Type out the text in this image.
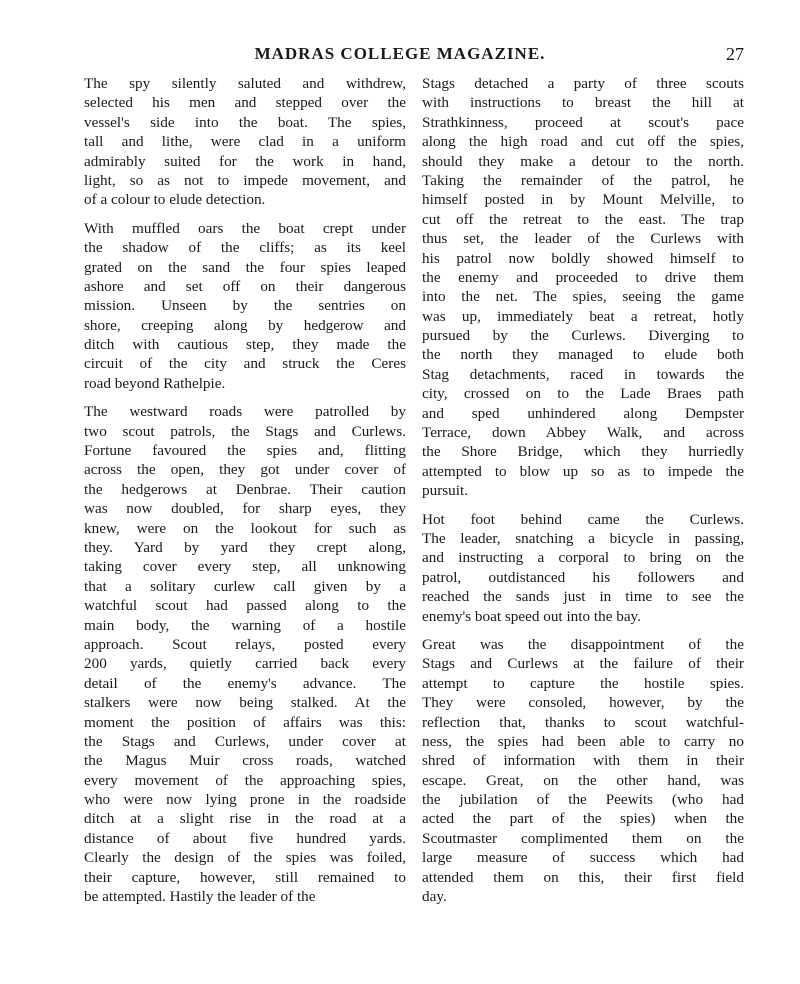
MADRAS COLLEGE MAGAZINE.	27
The spy silently saluted and withdrew,
selected his men and stepped over the
vessel's side into the boat. The spies,
tall and lithe, were clad in a uniform
admirably suited for the work in hand,
light, so as not to impede movement, and
of a colour to elude detection.
With muffled oars the boat crept under
the shadow of the cliffs; as its keel
grated on the sand the four spies leaped
ashore and set off on their dangerous
mission. Unseen by the sentries on
shore, creeping along by hedgerow and
ditch with cautious step, they made the
circuit of the city and struck the Ceres
road beyond Rathelpie.
The westward roads were patrolled by
two scout patrols, the Stags and Curlews.
Fortune favoured the spies and, flitting
across the open, they got under cover of
the hedgerows at Denbrae. Their caution
was now doubled, for sharp eyes, they
knew, were on the lookout for such as
they. Yard by yard they crept along,
taking cover every step, all unknowing
that a solitary curlew call given by a
watchful scout had passed along to the
main body, the warning of a hostile
approach. Scout relays, posted every
200 yards, quietly carried back every
detail of the enemy's advance. The
stalkers were now being stalked. At the
moment the position of affairs was this:
the Stags and Curlews, under cover at
the Magus Muir cross roads, watched
every movement of the approaching spies,
who were now lying prone in the roadside
ditch at a slight rise in the road at a
distance of about five hundred yards.
Clearly the design of the spies was foiled,
their capture, however, still remained to
be attempted. Hastily the leader of the
Stags detached a party of three scouts
with instructions to breast the hill at
Strathkinness, proceed at scout's pace
along the high road and cut off the spies,
should they make a detour to the north.
Taking the remainder of the patrol, he
himself posted in by Mount Melville, to
cut off the retreat to the east. The trap
thus set, the leader of the Curlews with
his patrol now boldly showed himself to
the enemy and proceeded to drive them
into the net. The spies, seeing the game
was up, immediately beat a retreat, hotly
pursued by the Curlews. Diverging to
the north they managed to elude both
Stag detachments, raced in towards the
city, crossed on to the Lade Braes path
and sped unhindered along Dempster
Terrace, down Abbey Walk, and across
the Shore Bridge, which they hurriedly
attempted to blow up so as to impede the
pursuit.
Hot foot behind came the Curlews.
The leader, snatching a bicycle in passing,
and instructing a corporal to bring on the
patrol, outdistanced his followers and
reached the sands just in time to see the
enemy's boat speed out into the bay.
Great was the disappointment of the
Stags and Curlews at the failure of their
attempt to capture the hostile spies.
They were consoled, however, by the
reflection that, thanks to scout watchful-
ness, the spies had been able to carry no
shred of information with them in their
escape. Great, on the other hand, was
the jubilation of the Peewits (who had
acted the part of the spies) when the
Scoutmaster complimented them on the
large measure of success which had
attended them on this, their first field
day.
